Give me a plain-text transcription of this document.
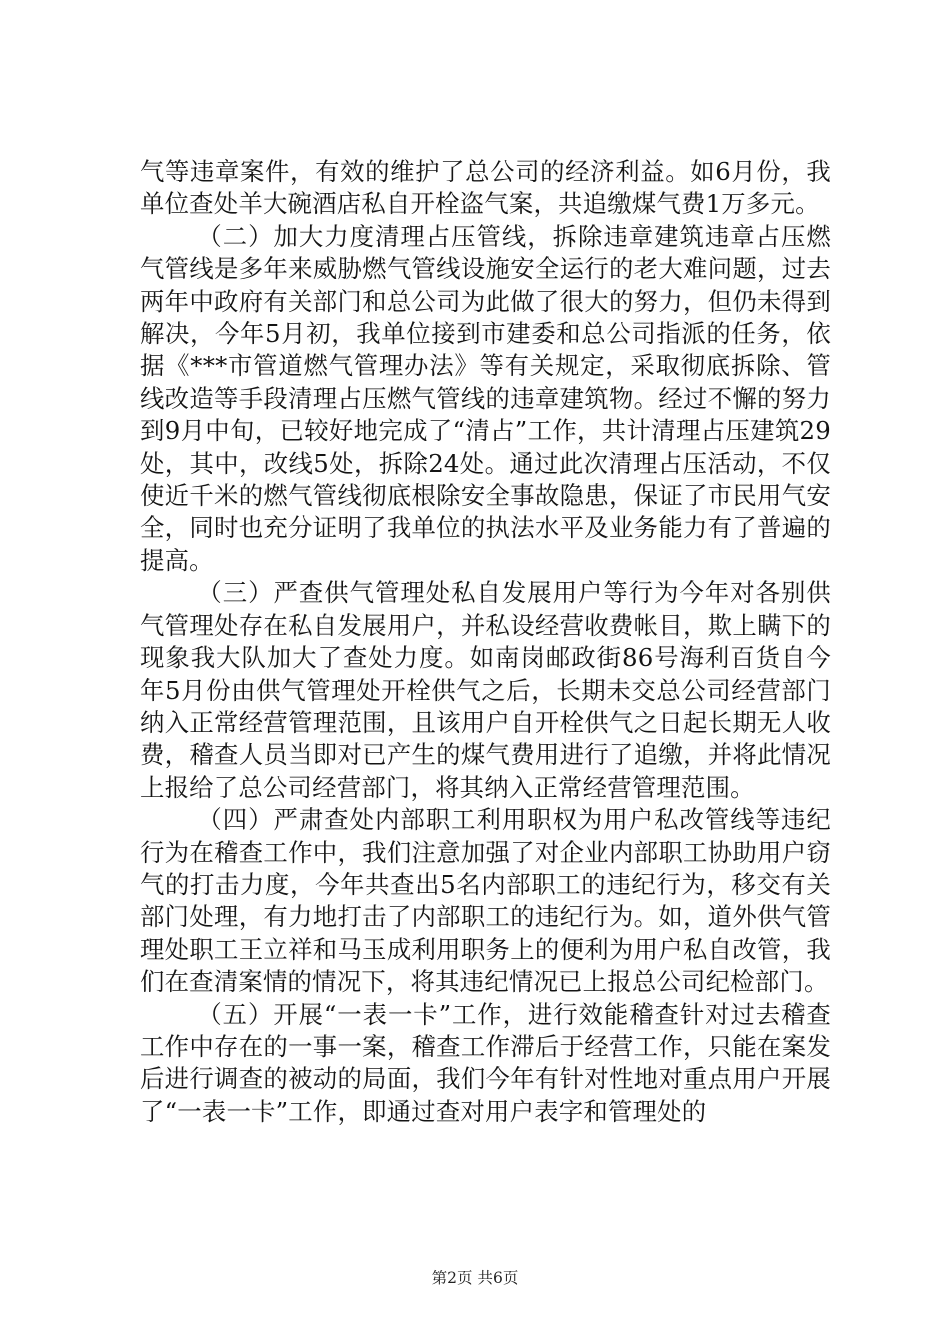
气等违章案件，有效的维护了总公司的经济利益。如6月份，我单位查处羊大碗酒店私自开栓盗气案，共追缴煤气费1万多元。

（二）加大力度清理占压管线，拆除违章建筑违章占压燃气管线是多年来威胁燃气管线设施安全运行的老大难问题，过去两年中政府有关部门和总公司为此做了很大的努力，但仍未得到解决，今年5月初，我单位接到市建委和总公司指派的任务，依据《***市管道燃气管理办法》等有关规定，采取彻底拆除、管线改造等手段清理占压燃气管线的违章建筑物。经过不懈的努力到9月中旬，已较好地完成了“清占”工作，共计清理占压建筑29处，其中，改线5处，拆除24处。通过此次清理占压活动，不仅使近千米的燃气管线彻底根除安全事故隐患，保证了市民用气安全，同时也充分证明了我单位的执法水平及业务能力有了普遍的提高。

（三）严查供气管理处私自发展用户等行为今年对各别供气管理处存在私自发展用户，并私设经营收费帐目，欺上瞒下的现象我大队加大了查处力度。如南岗邮政街86号海利百货自今年5月份由供气管理处开栓供气之后，长期未交总公司经营部门纳入正常经营管理范围，且该用户自开栓供气之日起长期无人收费，稽查人员当即对已产生的煤气费用进行了追缴，并将此情况上报给了总公司经营部门，将其纳入正常经营管理范围。

（四）严肃查处内部职工利用职权为用户私改管线等违纪行为在稽查工作中，我们注意加强了对企业内部职工协助用户窃气的打击力度，今年共查出5名内部职工的违纪行为，移交有关部门处理，有力地打击了内部职工的违纪行为。如，道外供气管理处职工王立祥和马玉成利用职务上的便利为用户私自改管，我们在查清案情的情况下，将其违纪情况已上报总公司纪检部门。

（五）开展“一表一卡”工作，进行效能稽查针对过去稽查工作中存在的一事一案，稽查工作滞后于经营工作，只能在案发后进行调查的被动的局面，我们今年有针对性地对重点用户开展了“一表一卡”工作，即通过查对用户表字和管理处的

第2页 共6页
